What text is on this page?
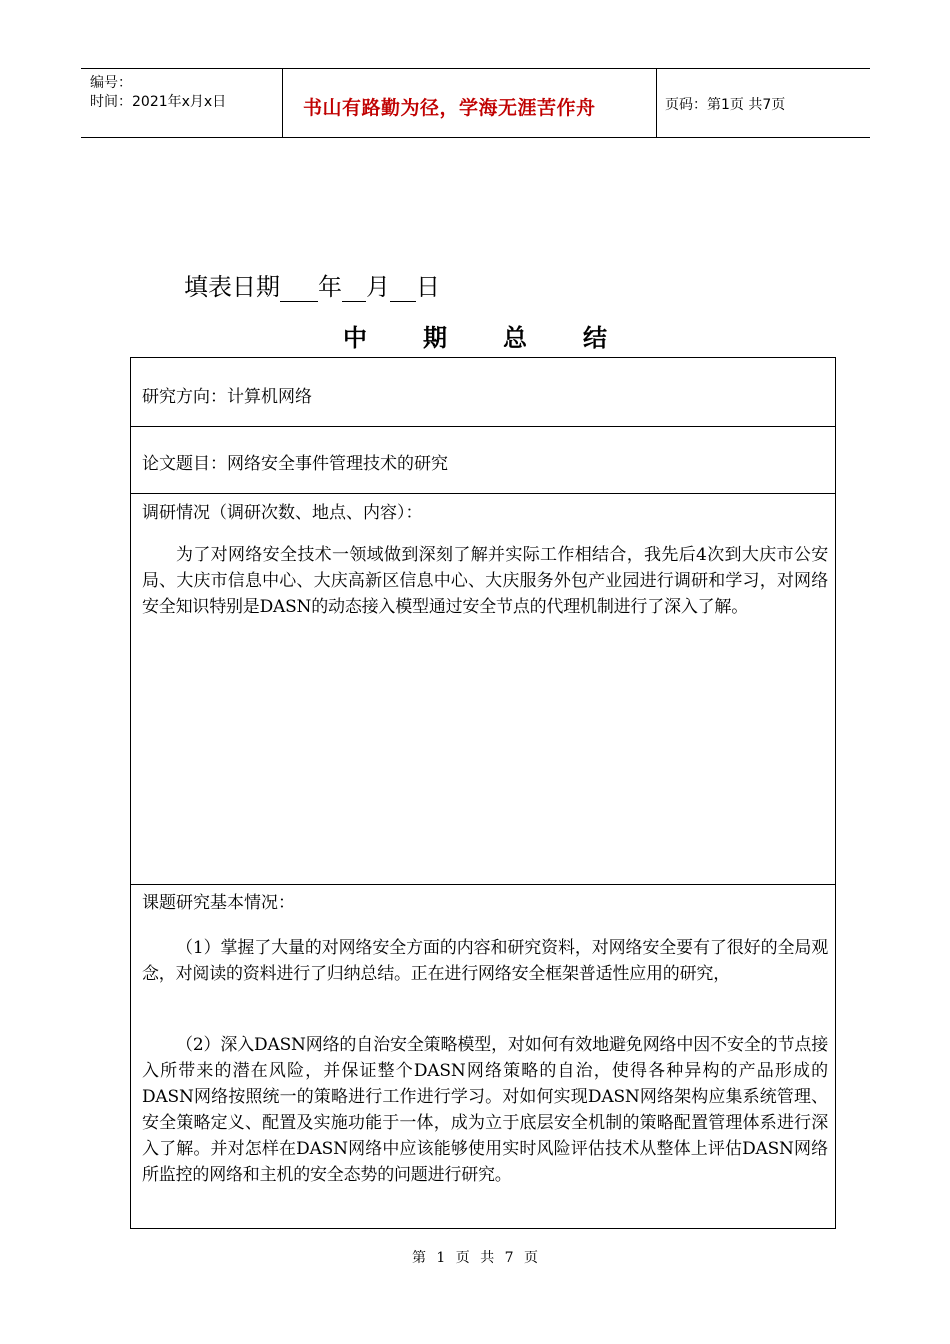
编号：
时间：2021年x月x日	书山有路勤为径，学海无涯苦作舟	页码：第1页 共7页
填表日期 年 月 日
中期总结
研究方向：计算机网络
论文题目：网络安全事件管理技术的研究
调研情况（调研次数、地点、内容）：
为了对网络安全技术一领域做到深刻了解并实际工作相结合，我先后4次到大庆市公安局、大庆市信息中心、大庆高新区信息中心、大庆服务外包产业园进行调研和学习，对网络安全知识特别是DASN的动态接入模型通过安全节点的代理机制进行了深入了解。
课题研究基本情况：
（1）掌握了大量的对网络安全方面的内容和研究资料，对网络安全要有了很好的全局观念，对阅读的资料进行了归纳总结。正在进行网络安全框架普适性应用的研究，
（2）深入DASN网络的自治安全策略模型，对如何有效地避免网络中因不安全的节点接入所带来的潜在风险，并保证整个DASN网络策略的自治，使得各种异构的产品形成的DASN网络按照统一的策略进行工作进行学习。对如何实现DASN网络架构应集系统管理、安全策略定义、配置及实施功能于一体，成为立于底层安全机制的策略配置管理体系进行深入了解。并对怎样在DASN网络中应该能够使用实时风险评估技术从整体上评估DASN网络所监控的网络和主机的安全态势的问题进行研究。
第 1 页 共 7 页
